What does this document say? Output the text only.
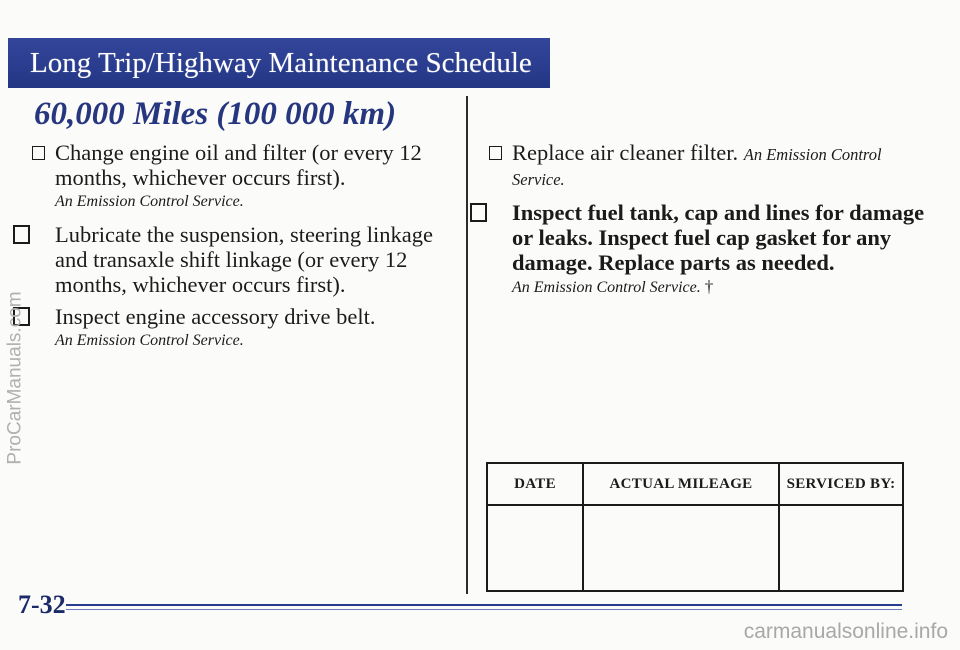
Long Trip/Highway Maintenance Schedule
60,000 Miles (100 000 km)
Change engine oil and filter (or every 12 months, whichever occurs first).
An Emission Control Service.
Lubricate the suspension, steering linkage and transaxle shift linkage (or every 12 months, whichever occurs first).
Inspect engine accessory drive belt.
An Emission Control Service.
Replace air cleaner filter. An Emission Control Service.
Inspect fuel tank, cap and lines for damage or leaks. Inspect fuel cap gasket for any damage. Replace parts as needed.
An Emission Control Service. †
DATE	ACTUAL MILEAGE	SERVICED BY:
7-32
ProCarManuals.com
carmanualsonline.info
